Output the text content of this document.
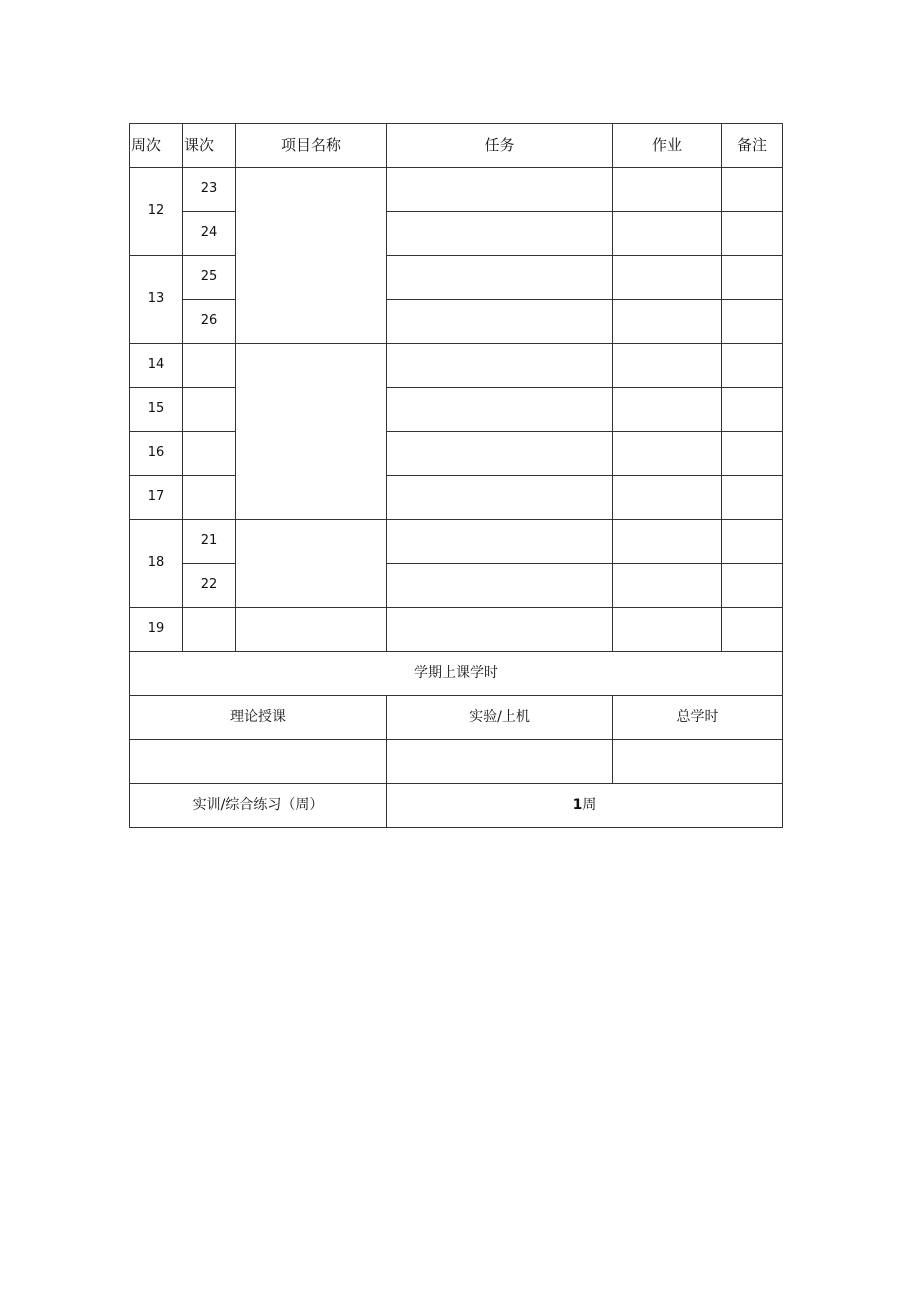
周次	课次	项目名称	任务	作业	备注
12	23				
	24				
13	25				
	26				
14					
15					
16					
17					
18	21				
	22				
19					
学期上课学时					
理论授课			实验/上机	总学时	

实训/综合练习（周）			1周		
